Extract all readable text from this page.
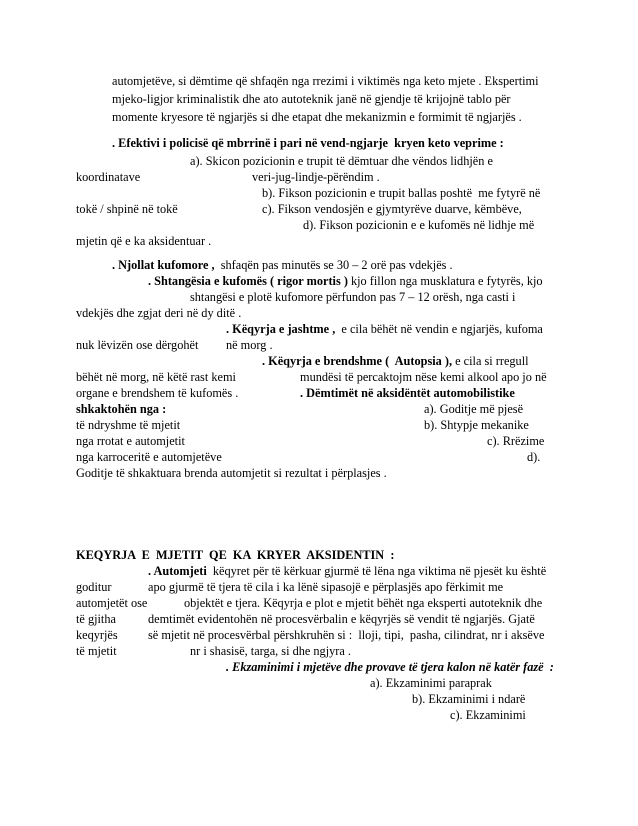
automjetëve, si dëmtime që shfaqën nga rrezimi i viktimës nga keto mjete . Ekspertimi
mjeko-ligjor kriminalistik dhe ato autoteknik janë në gjendje të krijojnë tablo për
momente kryesore të ngjarjës si dhe etapat dhe mekanizmin e formimit të ngjarjës .
. Efektivi i policisë që mbrrinë i pari në vend-ngjarje  kryen keto veprime :
a). Skicon pozicionin e trupit të dëmtuar dhe vëndos lidhjën e
koordinatave	veri-jug-lindje-përëndim .
b). Fikson pozicionin e trupit ballas poshtë  me fytyrë në
tokë / shpinë në tokë	c). Fikson vendosjën e gjymtyrëve duarve, këmbëve,
d). Fikson pozicionin e e kufomës në lidhje më
mjetin që e ka aksidentuar .
. Njollat kufomore ,  shfaqën pas minutës se 30 – 2 orë pas vdekjës .
. Shtangësia e kufomës ( rigor mortis ) kjo fillon nga musklatura e fytyrës, kjo
shtangësi e plotë kufomore përfundon pas 7 – 12 orësh, nga casti i
vdekjës dhe zgjat deri në dy ditë .
. Këqyrja e jashtme ,  e cila bëhët në vendin e ngjarjës, kufoma
nuk lëvizën ose dërgohët në morg .
. Këqyrja e brendshme (  Autopsia ), e cila si rregull
bëhët në morg, në këtë rast kemi	mundësi të percaktojm nëse kemi alkool apo jo në
organe e brendshem të kufomës .	. Dëmtimët në aksidëntët automobilistike
shkaktohën nga :	a). Goditje më pjesë
të ndryshme të mjetit	b). Shtypje mekanike
nga rrotat e automjetit	c). Rrëzime
nga karroceritë e automjetëve	d).
Goditje të shkaktuara brenda automjetit si rezultat i përplasjes .
KEQYRJA  E  MJETIT  QE  KA  KRYER  AKSIDENTIN  :
. Automjeti  këqyret për të kërkuar gjurmë të lëna nga viktima në pjesët ku është
goditur	apo gjurmë të tjera të cila i ka lënë sipasojë e përplasjës apo fërkimit me
automjetët ose	objektët e tjera. Këqyrja e plot e mjetit bëhët nga eksperti autoteknik dhe
të gjitha	demtimët evidentohën në procesvërbalin e këqyrjës së vendit të ngjarjës. Gjatë
keqyrjës së mjetit në procesvërbal përshkruhën si :  lloji, tipi,  pasha, cilindrat, nr i aksëve
të mjetit	nr i shasisë, targa, si dhe ngjyra .
. Ekzaminimi i mjetëve dhe provave të tjera kalon në katër fazë  :
a). Ekzaminimi paraprak
b). Ekzaminimi i ndarë
c). Ekzaminimi
